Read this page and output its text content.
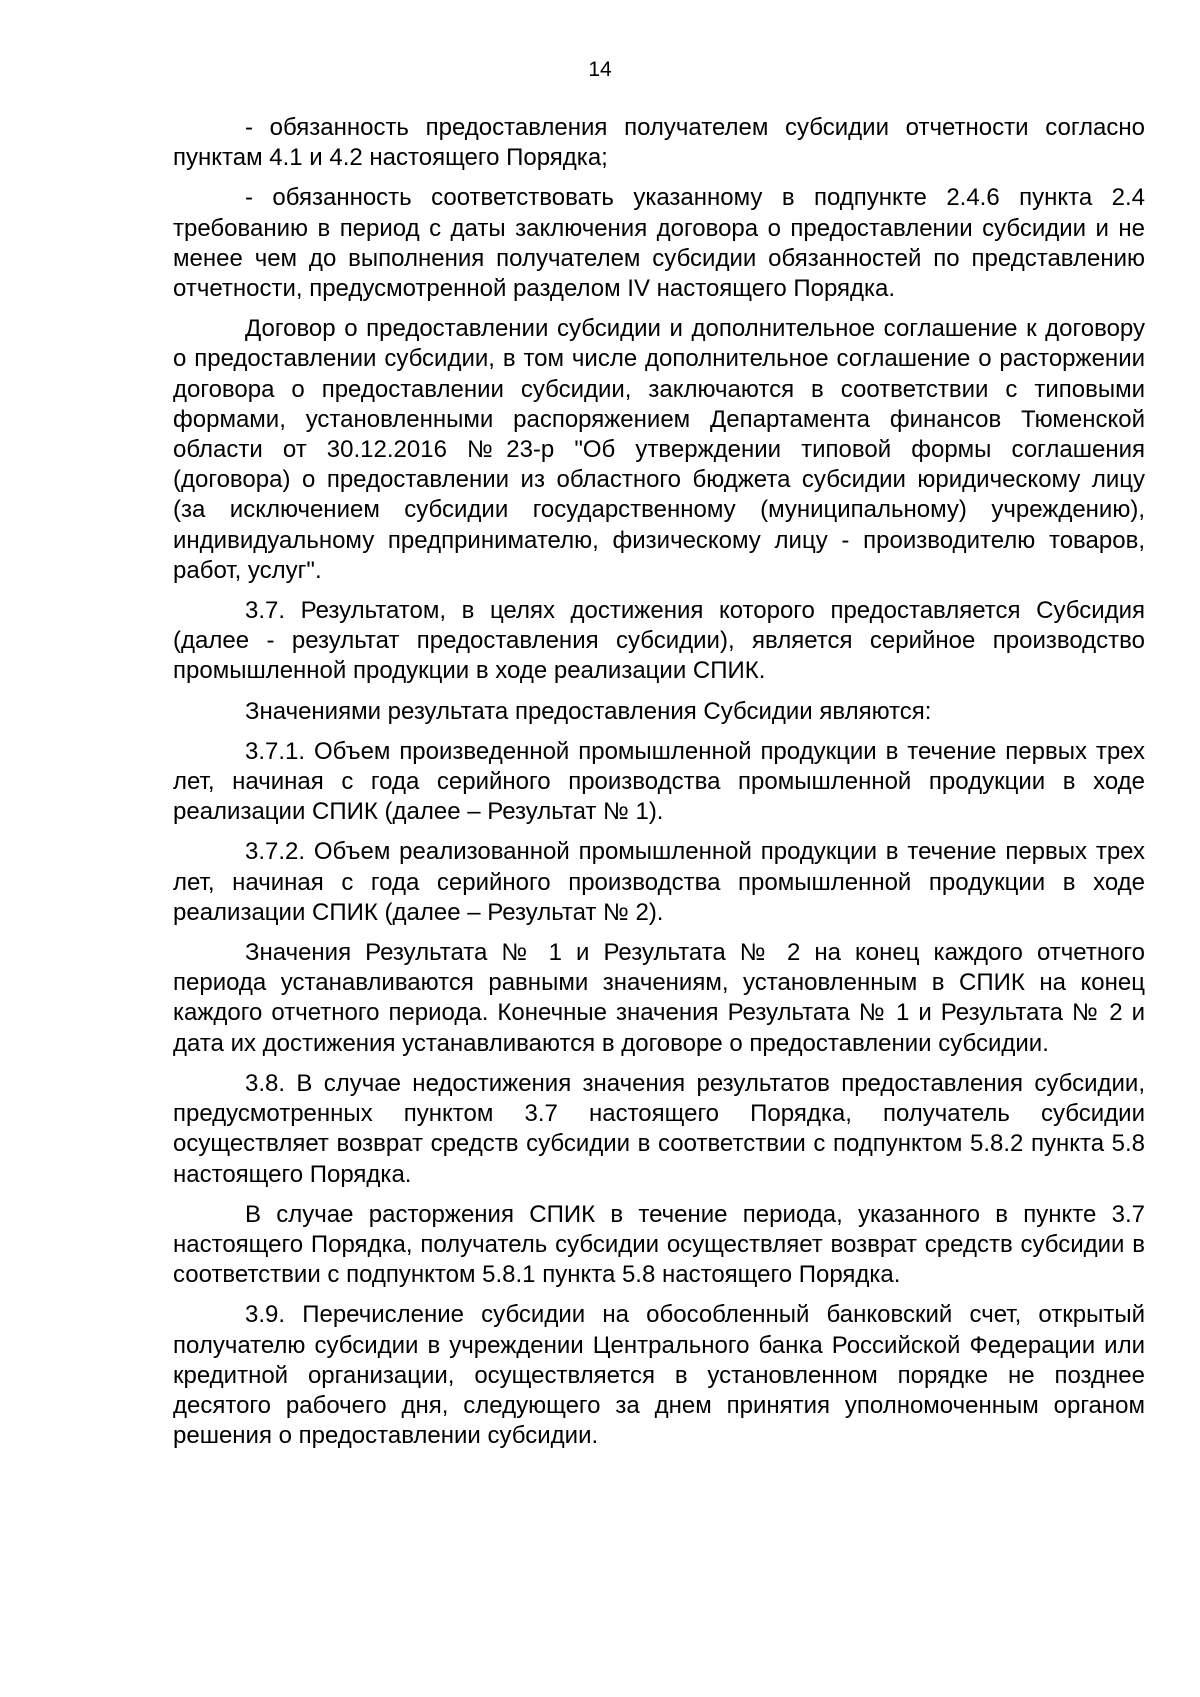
14

- обязанность предоставления получателем субсидии отчетности согласно пунктам 4.1 и 4.2 настоящего Порядка;

- обязанность соответствовать указанному в подпункте 2.4.6 пункта 2.4 требованию в период с даты заключения договора о предоставлении субсидии и не менее чем до выполнения получателем субсидии обязанностей по представлению отчетности, предусмотренной разделом IV настоящего Порядка.

Договор о предоставлении субсидии и дополнительное соглашение к договору о предоставлении субсидии, в том числе дополнительное соглашение о расторжении договора о предоставлении субсидии, заключаются в соответствии с типовыми формами, установленными распоряжением Департамента финансов Тюменской области от 30.12.2016 №23-р "Об утверждении типовой формы соглашения (договора) о предоставлении из областного бюджета субсидии юридическому лицу (за исключением субсидии государственному (муниципальному) учреждению), индивидуальному предпринимателю, физическому лицу - производителю товаров, работ, услуг".

3.7. Результатом, в целях достижения которого предоставляется Субсидия (далее - результат предоставления субсидии), является серийное производство промышленной продукции в ходе реализации СПИК.

Значениями результата предоставления Субсидии являются:

3.7.1. Объем произведенной промышленной продукции в течение первых трех лет, начиная с года серийного производства промышленной продукции в ходе реализации СПИК (далее – Результат № 1).

3.7.2. Объем реализованной промышленной продукции в течение первых трех лет, начиная с года серийного производства промышленной продукции в ходе реализации СПИК (далее – Результат № 2).

Значения Результата № 1 и Результата № 2 на конец каждого отчетного периода устанавливаются равными значениям, установленным в СПИК на конец каждого отчетного периода. Конечные значения Результата № 1 и Результата № 2 и дата их достижения устанавливаются в договоре о предоставлении субсидии.

3.8. В случае недостижения значения результатов предоставления субсидии, предусмотренных пунктом 3.7 настоящего Порядка, получатель субсидии осуществляет возврат средств субсидии в соответствии с подпунктом 5.8.2 пункта 5.8 настоящего Порядка.

В случае расторжения СПИК в течение периода, указанного в пункте 3.7 настоящего Порядка, получатель субсидии осуществляет возврат средств субсидии в соответствии с подпунктом 5.8.1 пункта 5.8 настоящего Порядка.

3.9. Перечисление субсидии на обособленный банковский счет, открытый получателю субсидии в учреждении Центрального банка Российской Федерации или кредитной организации, осуществляется в установленном порядке не позднее десятого рабочего дня, следующего за днем принятия уполномоченным органом решения о предоставлении субсидии.
